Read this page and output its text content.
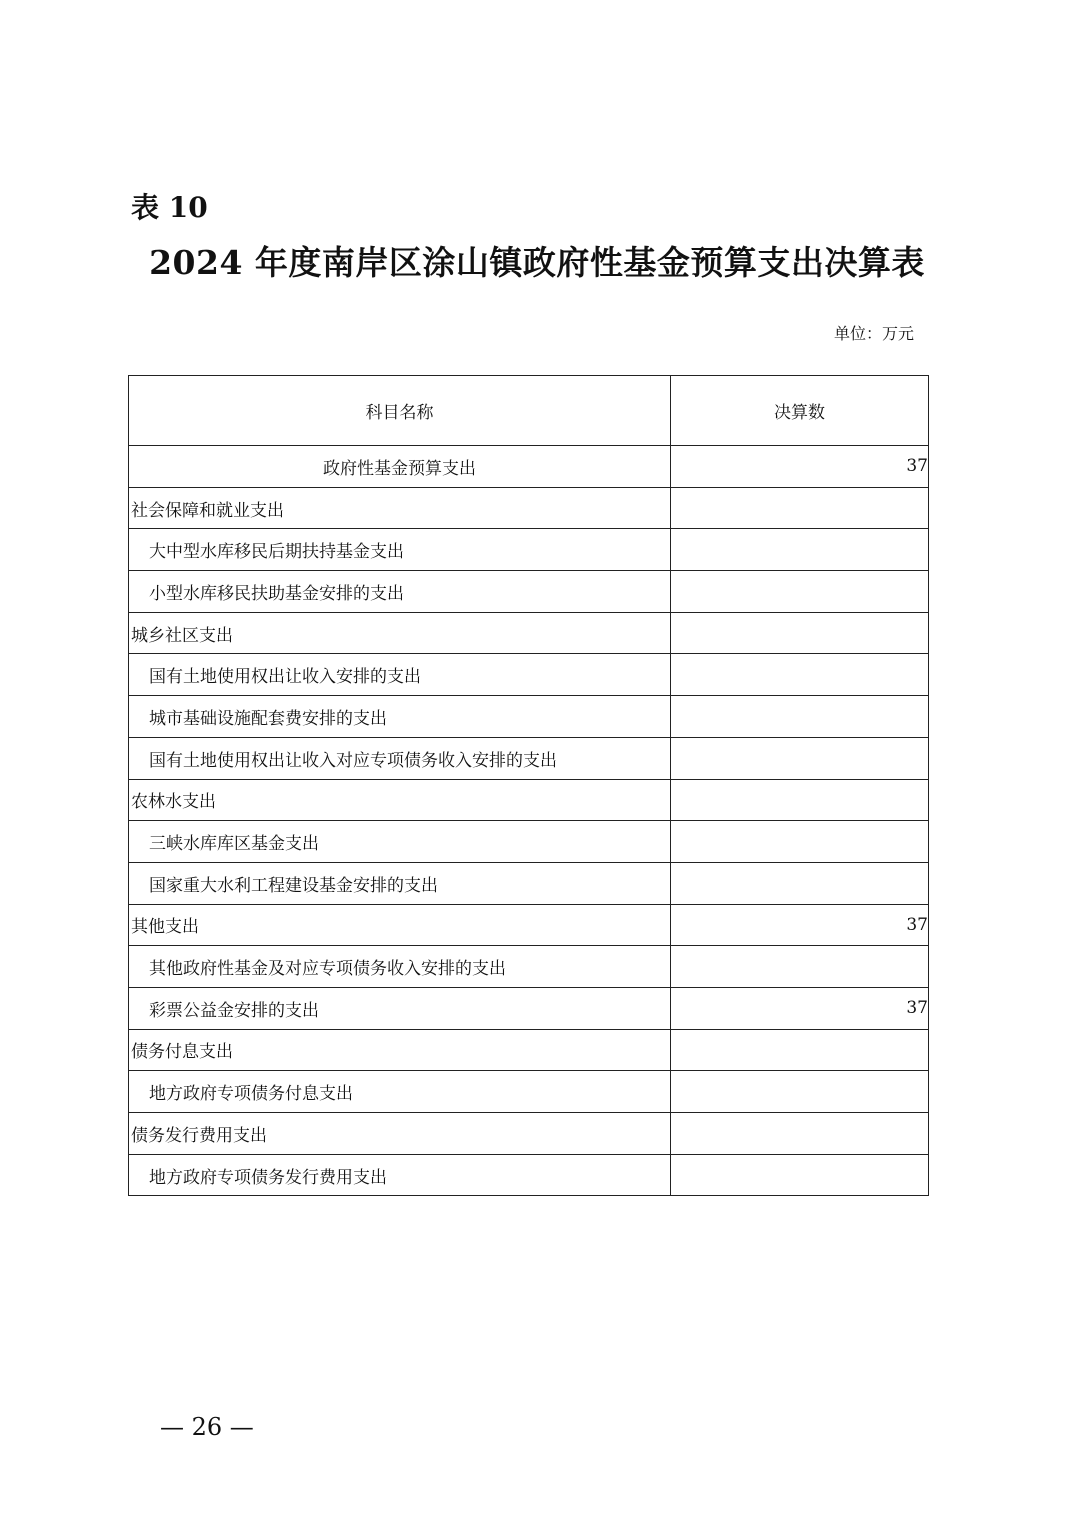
表 10
2024 年度南岸区涂山镇政府性基金预算支出决算表
单位：万元
科目名称	决算数
政府性基金预算支出	37
社会保障和就业支出	
大中型水库移民后期扶持基金支出	
小型水库移民扶助基金安排的支出	
城乡社区支出	
国有土地使用权出让收入安排的支出	
城市基础设施配套费安排的支出	
国有土地使用权出让收入对应专项债务收入安排的支出	
农林水支出	
三峡水库库区基金支出	
国家重大水利工程建设基金安排的支出	
其他支出	37
其他政府性基金及对应专项债务收入安排的支出	
彩票公益金安排的支出	37
债务付息支出	
地方政府专项债务付息支出	
债务发行费用支出	
地方政府专项债务发行费用支出	
— 26 —
